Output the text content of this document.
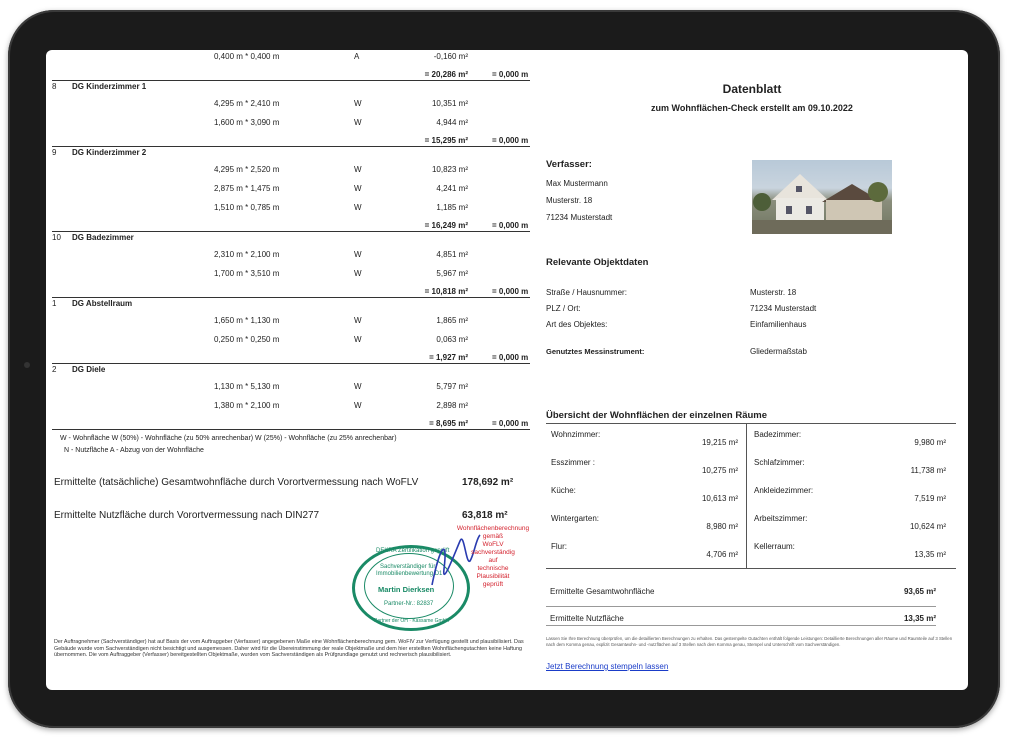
0,400 m * 0,400 m	A	-0,160 m²
= 20,286 m²	= 0,000 m
8 DG Kinderzimmer 1
4,295 m * 2,410 m	W	10,351 m²
1,600 m * 3,090 m	W	4,944 m²
= 15,295 m²	= 0,000 m
9 DG Kinderzimmer 2
4,295 m * 2,520 m	W	10,823 m²
2,875 m * 1,475 m	W	4,241 m²
1,510 m * 0,785 m	W	1,185 m²
= 16,249 m²	= 0,000 m
10 DG Badezimmer
2,310 m * 2,100 m	W	4,851 m²
1,700 m * 3,510 m	W	5,967 m²
= 10,818 m²	= 0,000 m
1 DG Abstellraum
1,650 m * 1,130 m	W	1,865 m²
0,250 m * 0,250 m	W	0,063 m²
= 1,927 m²	= 0,000 m
2 DG Diele
1,130 m * 5,130 m	W	5,797 m²
1,380 m * 2,100 m	W	2,898 m²
= 8,695 m²	= 0,000 m
W - Wohnfläche W (50%) - Wohnfläche (zu 50% anrechenbar) W (25%) - Wohnfläche (zu 25% anrechenbar)
N - Nutzfläche A - Abzug von der Wohnfläche
Ermittelte (tatsächliche) Gesamtwohnfläche durch Vorortvermessung nach WoFLV	178,692 m²
Ermittelte Nutzfläche durch Vorortvermessung nach DIN277	63,818 m²
DEKRA Zertifikation geprüft
Sachverständiger für
Immobilienbewertung D1
Martin Dierksen
Partner-Nr.: 82837
Partner der OH · Kassame GmbH
Wohnflächenberechnung
gemäß
WoFLV
sachverständig
auf
technische
Plausibilität
geprüft
Der Auftragnehmer (Sachverständiger) hat auf Basis der vom Auftraggeber (Verfasser) angegebenen Maße eine Wohnflächenberechnung gem. WoFIV zur Verfügung gestellt und plausibilisiert. Das Gebäude wurde vom Sachverständigen nicht besichtigt und ausgemessen. Daher wird für die Übereinstimmung der reale Objektmaße und dem hier erstellten Wohnflächengutachten keine Haftung übernommen. Die vom Auftraggeber (Verfasser) bereitgestellten Objektmaße, wurden vom Sachverständigen als Prüfgrundlage genutzt und rechnerisch plausibilisiert.
Datenblatt
zum Wohnflächen-Check erstellt am 09.10.2022
Verfasser:
Max Mustermann
Musterstr. 18
71234 Musterstadt
Relevante Objektdaten
Straße / Hausnummer:	Musterstr. 18
PLZ / Ort:	71234 Musterstadt
Art des Objektes:	Einfamilienhaus
Genutztes Messinstrument:	Gliedermaßstab
Übersicht der Wohnflächen der einzelnen Räume
Wohnzimmer:
19,215 m²
Esszimmer :
10,275 m²
Küche:
10,613 m²
Wintergarten:
8,980 m²
Flur:
4,706 m²
Badezimmer:
9,980 m²
Schlafzimmer:
11,738 m²
Ankleidezimmer:
7,519 m²
Arbeitszimmer:
10,624 m²
Kellerraum:
13,35 m²
Ermittelte Gesamtwohnfläche	93,65 m²
Ermittelte Nutzfläche	13,35 m²
Lassen Sie Ihre Berechnung überprüfen, um die detaillierten Berechnungen zu erhalten. Das gestempelte Gutachten enthält folgende Leistungen: Detaillierte Berechnungen aller Räume und Raumteile auf 3 Stellen nach dem Komma genau, explizit Gesamtwohn- und -nutzflächen auf 3 Stellen nach dem Komma genau, Stempel und Unterschrift vom Sachverständigen.
Jetzt Berechnung stempeln lassen
